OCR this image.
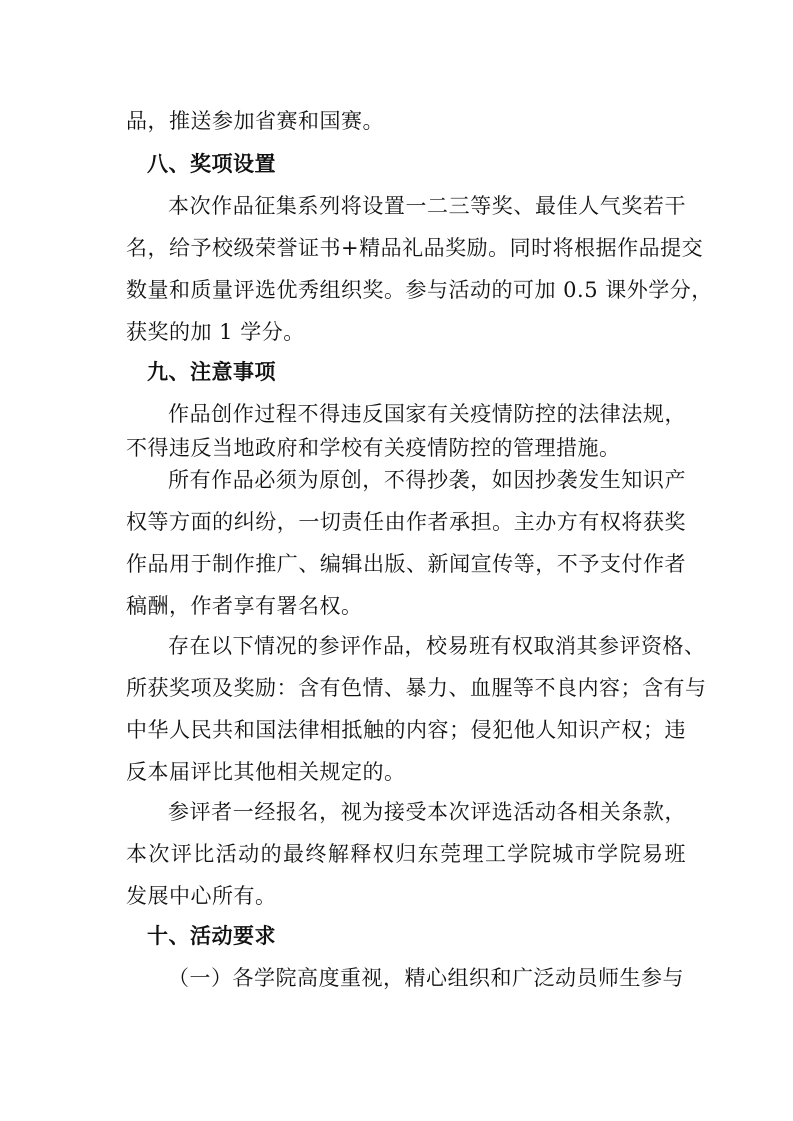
品，推送参加省赛和国赛。
八、奖项设置
本次作品征集系列将设置一二三等奖、最佳人气奖若干
名，给予校级荣誉证书+精品礼品奖励。同时将根据作品提交
数量和质量评选优秀组织奖。参与活动的可加 0.5 课外学分，
获奖的加 1 学分。
九、注意事项
作品创作过程不得违反国家有关疫情防控的法律法规，
不得违反当地政府和学校有关疫情防控的管理措施。
所有作品必须为原创，不得抄袭，如因抄袭发生知识产
权等方面的纠纷，一切责任由作者承担。主办方有权将获奖
作品用于制作推广、编辑出版、新闻宣传等，不予支付作者
稿酬，作者享有署名权。
存在以下情况的参评作品，校易班有权取消其参评资格、
所获奖项及奖励：含有色情、暴力、血腥等不良内容；含有与
中华人民共和国法律相抵触的内容；侵犯他人知识产权；违
反本届评比其他相关规定的。
参评者一经报名，视为接受本次评选活动各相关条款，
本次评比活动的最终解释权归东莞理工学院城市学院易班
发展中心所有。
十、活动要求
（一）各学院高度重视，精心组织和广泛动员师生参与
